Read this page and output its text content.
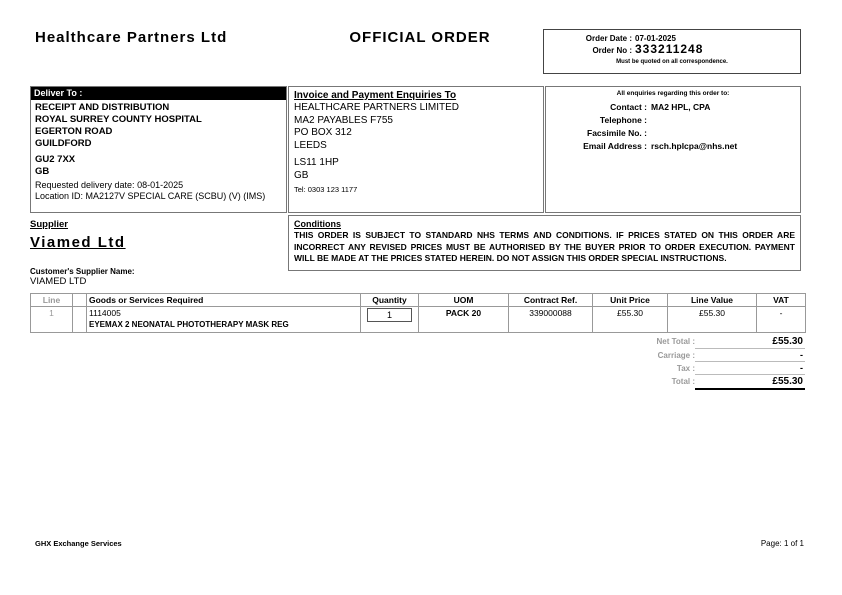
Healthcare Partners Ltd	OFFICIAL ORDER	Order Date : 07-01-2025
Order No : 333211248
Must be quoted on all correspondence.
Deliver To :
RECEIPT AND DISTRIBUTION
ROYAL SURREY COUNTY HOSPITAL
EGERTON ROAD
GUILDFORD
GU2 7XX
GB
Requested delivery date: 08-01-2025
Location ID: MA2127V SPECIAL CARE (SCBU) (V) (IMS)
Invoice and Payment Enquiries To
HEALTHCARE PARTNERS LIMITED
MA2 PAYABLES F755
PO BOX 312
LEEDS
LS11 1HP
GB
Tel: 0303 123 1177
All enquiries regarding this order to:
Contact : MA2 HPL, CPA
Telephone :
Facsimile No. :
Email Address : rsch.hplcpa@nhs.net
Supplier
Viamed Ltd
Customer's Supplier Name:
VIAMED LTD
Conditions
THIS ORDER IS SUBJECT TO STANDARD NHS TERMS AND CONDITIONS. IF PRICES STATED ON THIS ORDER ARE INCORRECT ANY REVISED PRICES MUST BE AUTHORISED BY THE BUYER PRIOR TO ORDER EXECUTION. PAYMENT WILL BE MADE AT THE PRICES STATED HEREIN. DO NOT ASSIGN THIS ORDER SPECIAL INSTRUCTIONS.
Line		Goods or Services Required	Quantity	UOM	Contract Ref.	Unit Price	Line Value	VAT
1		1114005
EYEMAX 2 NEONATAL PHOTOTHERAPY MASK REG	1	PACK 20	339000088	£55.30	£55.30	-
Net Total :	£55.30
Carriage :	-
Tax :	-
Total :	£55.30
GHX Exchange Services	Page: 1 of 1
